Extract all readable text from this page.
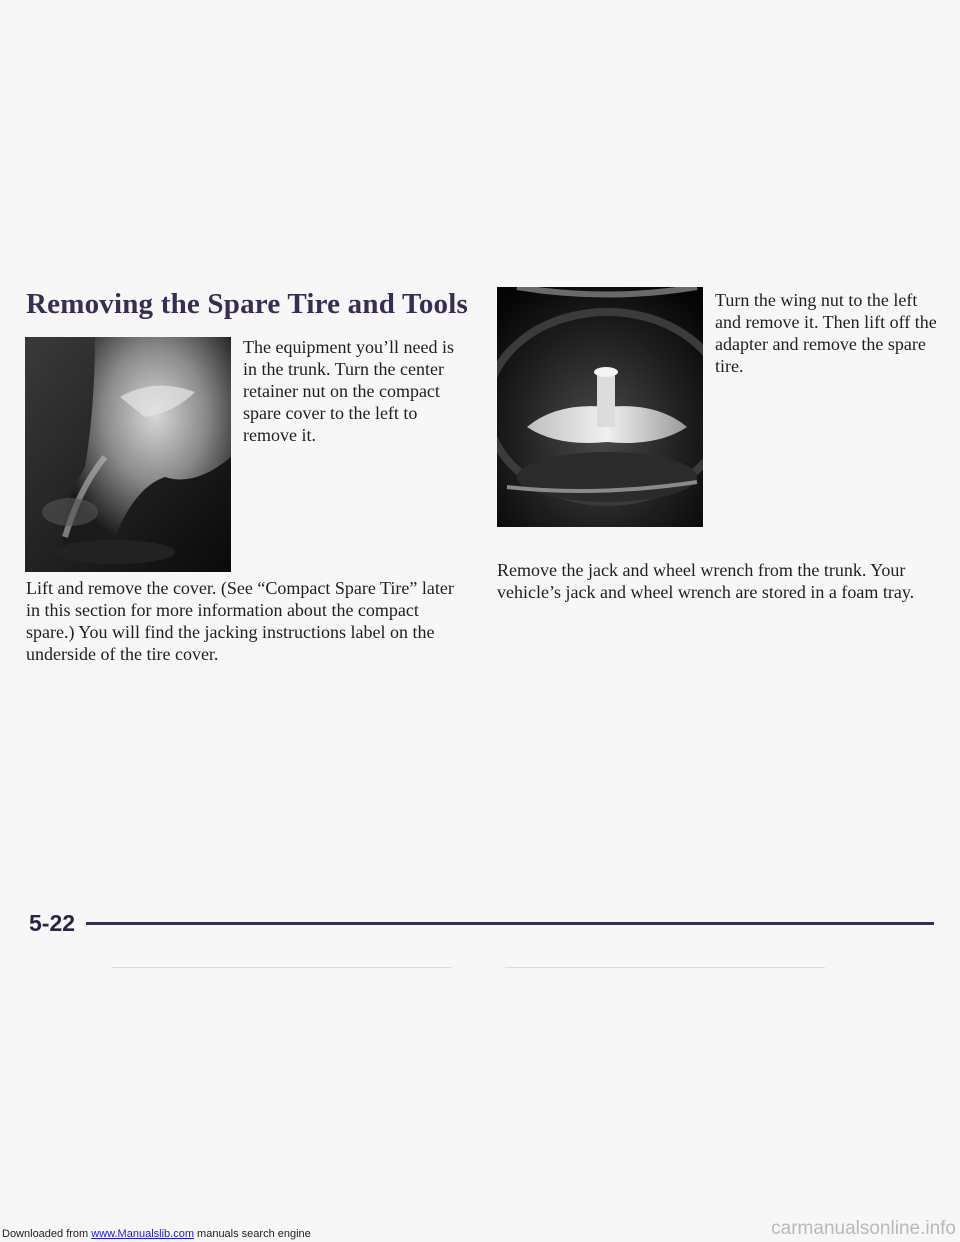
Removing the Spare Tire and Tools

The equipment you’ll need is in the trunk. Turn the center retainer nut on the compact spare cover to the left to remove it.

Lift and remove the cover. (See “Compact Spare Tire” later in this section for more information about the compact spare.) You will find the jacking instructions label on the underside of the tire cover.

Turn the wing nut to the left and remove it. Then lift off the adapter and remove the spare tire.

Remove the jack and wheel wrench from the trunk. Your vehicle’s jack and wheel wrench are stored in a foam tray.

5-22
Downloaded from www.Manualslib.com manuals search engine	carmanualsonline.info
